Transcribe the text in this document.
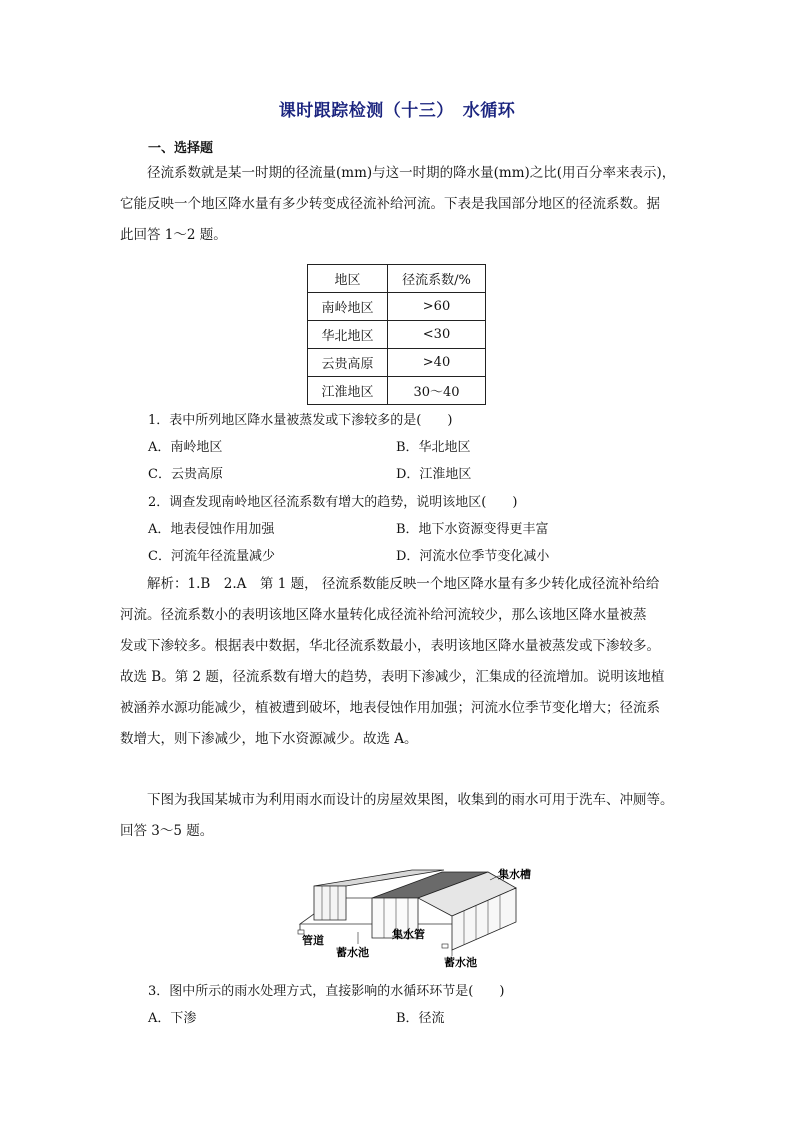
课时跟踪检测（十三）　水循环
一、选择题
径流系数就是某一时期的径流量(mm)与这一时期的降水量(mm)之比(用百分率来表示)，
它能反映一个地区降水量有多少转变成径流补给河流。下表是我国部分地区的径流系数。据
此回答 1～2 题。
地区	径流系数/%
南岭地区	>60
华北地区	<30
云贵高原	>40
江淮地区	30～40
1．表中所列地区降水量被蒸发或下渗较多的是(　　)
A．南岭地区	B．华北地区
C．云贵高原	D．江淮地区
2．调查发现南岭地区径流系数有增大的趋势，说明该地区(　　)
A．地表侵蚀作用加强	B．地下水资源变得更丰富
C．河流年径流量减少	D．河流水位季节变化减小
解析：1.B　2.A　第 1 题， 径流系数能反映一个地区降水量有多少转化成径流补给给
河流。径流系数小的表明该地区降水量转化成径流补给河流较少，那么该地区降水量被蒸
发或下渗较多。根据表中数据，华北径流系数最小，表明该地区降水量被蒸发或下渗较多。
故选 B。第 2 题，径流系数有增大的趋势，表明下渗减少，汇集成的径流增加。说明该地植
被涵养水源功能减少，植被遭到破坏，地表侵蚀作用加强；河流水位季节变化增大；径流系
数增大，则下渗减少，地下水资源减少。故选 A。
下图为我国某城市为利用雨水而设计的房屋效果图，收集到的雨水可用于洗车、冲厕等。
回答 3～5 题。
集水槽
集水管
管道
蓄水池
蓄水池
3．图中所示的雨水处理方式，直接影响的水循环环节是(　　)
A．下渗	B．径流
